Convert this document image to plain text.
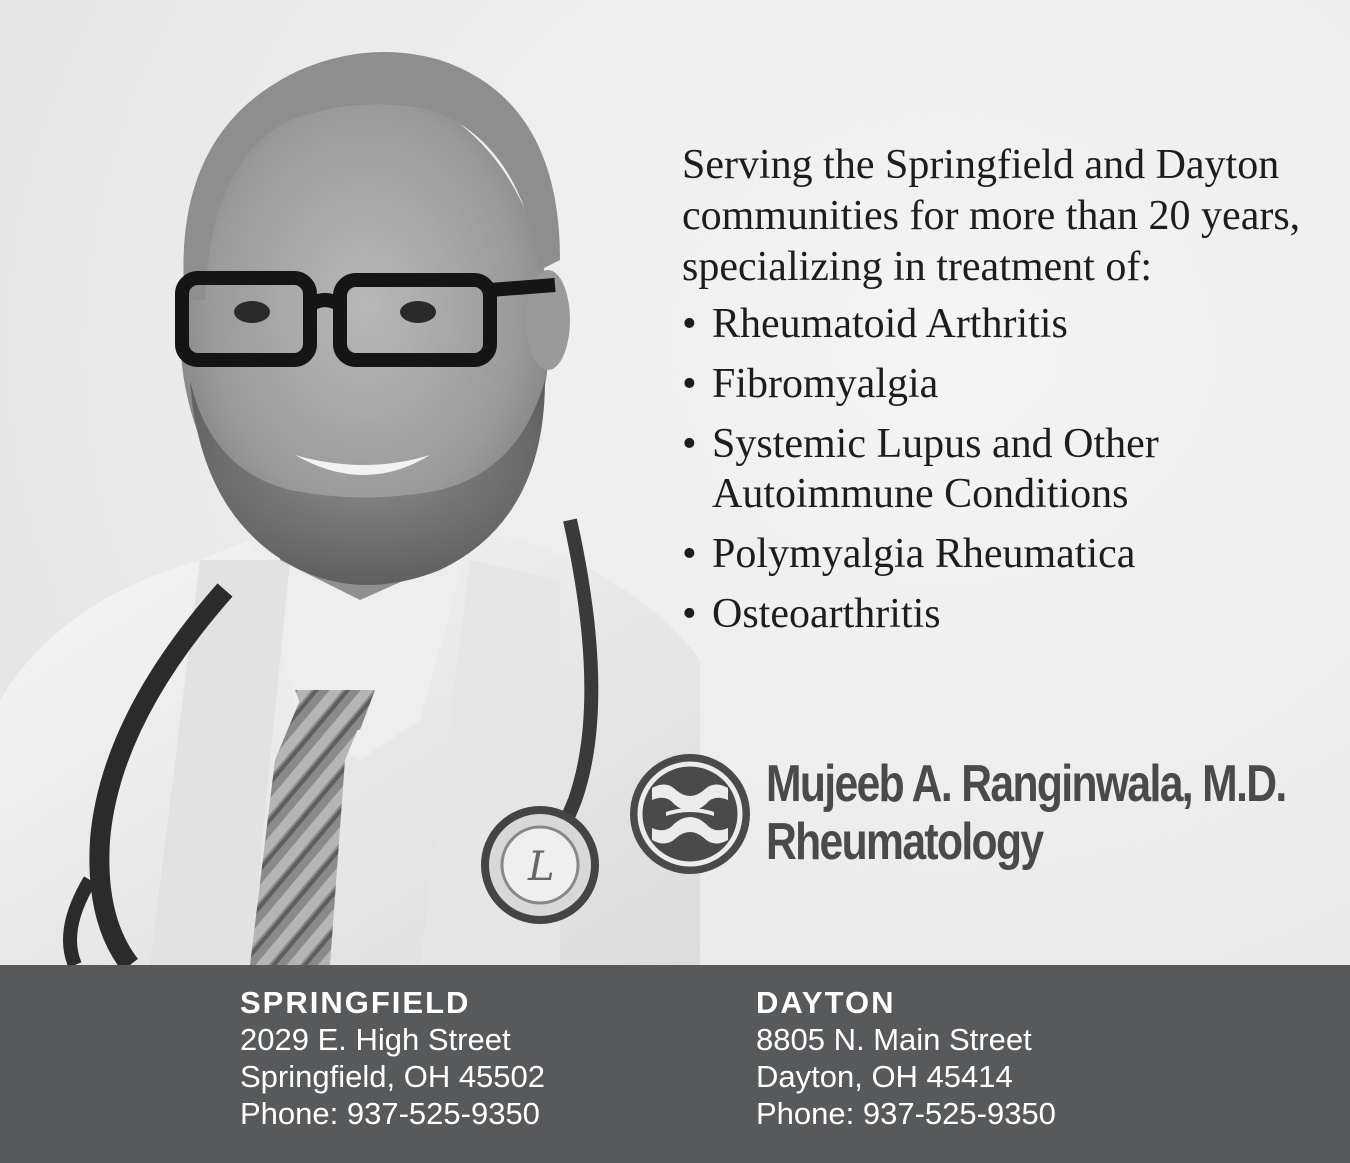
L

Serving the Springfield and Dayton communities for more than 20 years, specializing in treatment of:

• Rheumatoid Arthritis
• Fibromyalgia
• Systemic Lupus and Other
Autoimmune Conditions
• Polymyalgia Rheumatica
• Osteoarthritis
Mujeeb A. Ranginwala, M.D.
Rheumatology
SPRINGFIELD
2029 E. High Street
Springfield, OH 45502
Phone: 937-525-9350
DAYTON
8805 N. Main Street
Dayton, OH 45414
Phone: 937-525-9350
